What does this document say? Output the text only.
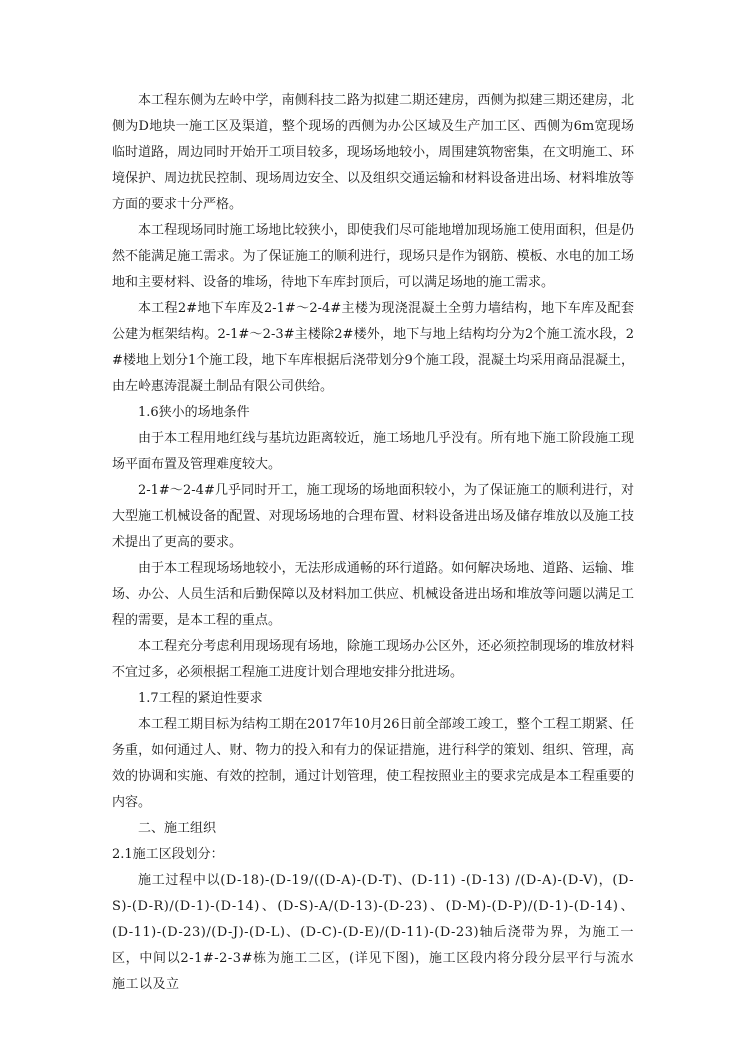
本工程东侧为左岭中学，南侧科技二路为拟建二期还建房，西侧为拟建三期还建房，北侧为D地块一施工区及渠道，整个现场的西侧为办公区域及生产加工区、西侧为6m宽现场临时道路，周边同时开始开工项目较多，现场场地较小，周围建筑物密集，在文明施工、环境保护、周边扰民控制、现场周边安全、以及组织交通运输和材料设备进出场、材料堆放等方面的要求十分严格。

本工程现场同时施工场地比较狭小，即使我们尽可能地增加现场施工使用面积，但是仍然不能满足施工需求。为了保证施工的顺利进行，现场只是作为钢筋、模板、水电的加工场地和主要材料、设备的堆场，待地下车库封顶后，可以满足场地的施工需求。

本工程2#地下车库及2-1#～2-4#主楼为现浇混凝土全剪力墙结构，地下车库及配套公建为框架结构。2-1#～2-3#主楼除2#楼外，地下与地上结构均分为2个施工流水段，2#楼地上划分1个施工段，地下车库根据后浇带划分9个施工段，混凝土均采用商品混凝土，由左岭惠涛混凝土制品有限公司供给。

1.6狭小的场地条件

由于本工程用地红线与基坑边距离较近，施工场地几乎没有。所有地下施工阶段施工现场平面布置及管理难度较大。

2-1#～2-4#几乎同时开工，施工现场的场地面积较小，为了保证施工的顺利进行，对大型施工机械设备的配置、对现场场地的合理布置、材料设备进出场及储存堆放以及施工技术提出了更高的要求。

由于本工程现场场地较小，无法形成通畅的环行道路。如何解决场地、道路、运输、堆场、办公、人员生活和后勤保障以及材料加工供应、机械设备进出场和堆放等问题以满足工程的需要，是本工程的重点。

本工程充分考虑利用现场现有场地，除施工现场办公区外，还必须控制现场的堆放材料不宜过多，必须根据工程施工进度计划合理地安排分批进场。

1.7工程的紧迫性要求

本工程工期目标为结构工期在2017年10月26日前全部竣工竣工，整个工程工期紧、任务重，如何通过人、财、物力的投入和有力的保证措施，进行科学的策划、组织、管理，高效的协调和实施、有效的控制，通过计划管理，使工程按照业主的要求完成是本工程重要的内容。

二、施工组织

2.1施工区段划分：

施工过程中以(D-18)-(D-19/((D-A)-(D-T)、(D-11) -(D-13) /(D-A)-(D-V)，(D-S)-(D-R)/(D-1)-(D-14)、(D-S)-A/(D-13)-(D-23)、(D-M)-(D-P)/(D-1)-(D-14)、(D-11)-(D-23)/(D-J)-(D-L)、(D-C)-(D-E)/(D-11)-(D-23)轴后浇带为界，为施工一区，中间以2-1#-2-3#栋为施工二区，(详见下图)，施工区段内将分段分层平行与流水施工以及立
